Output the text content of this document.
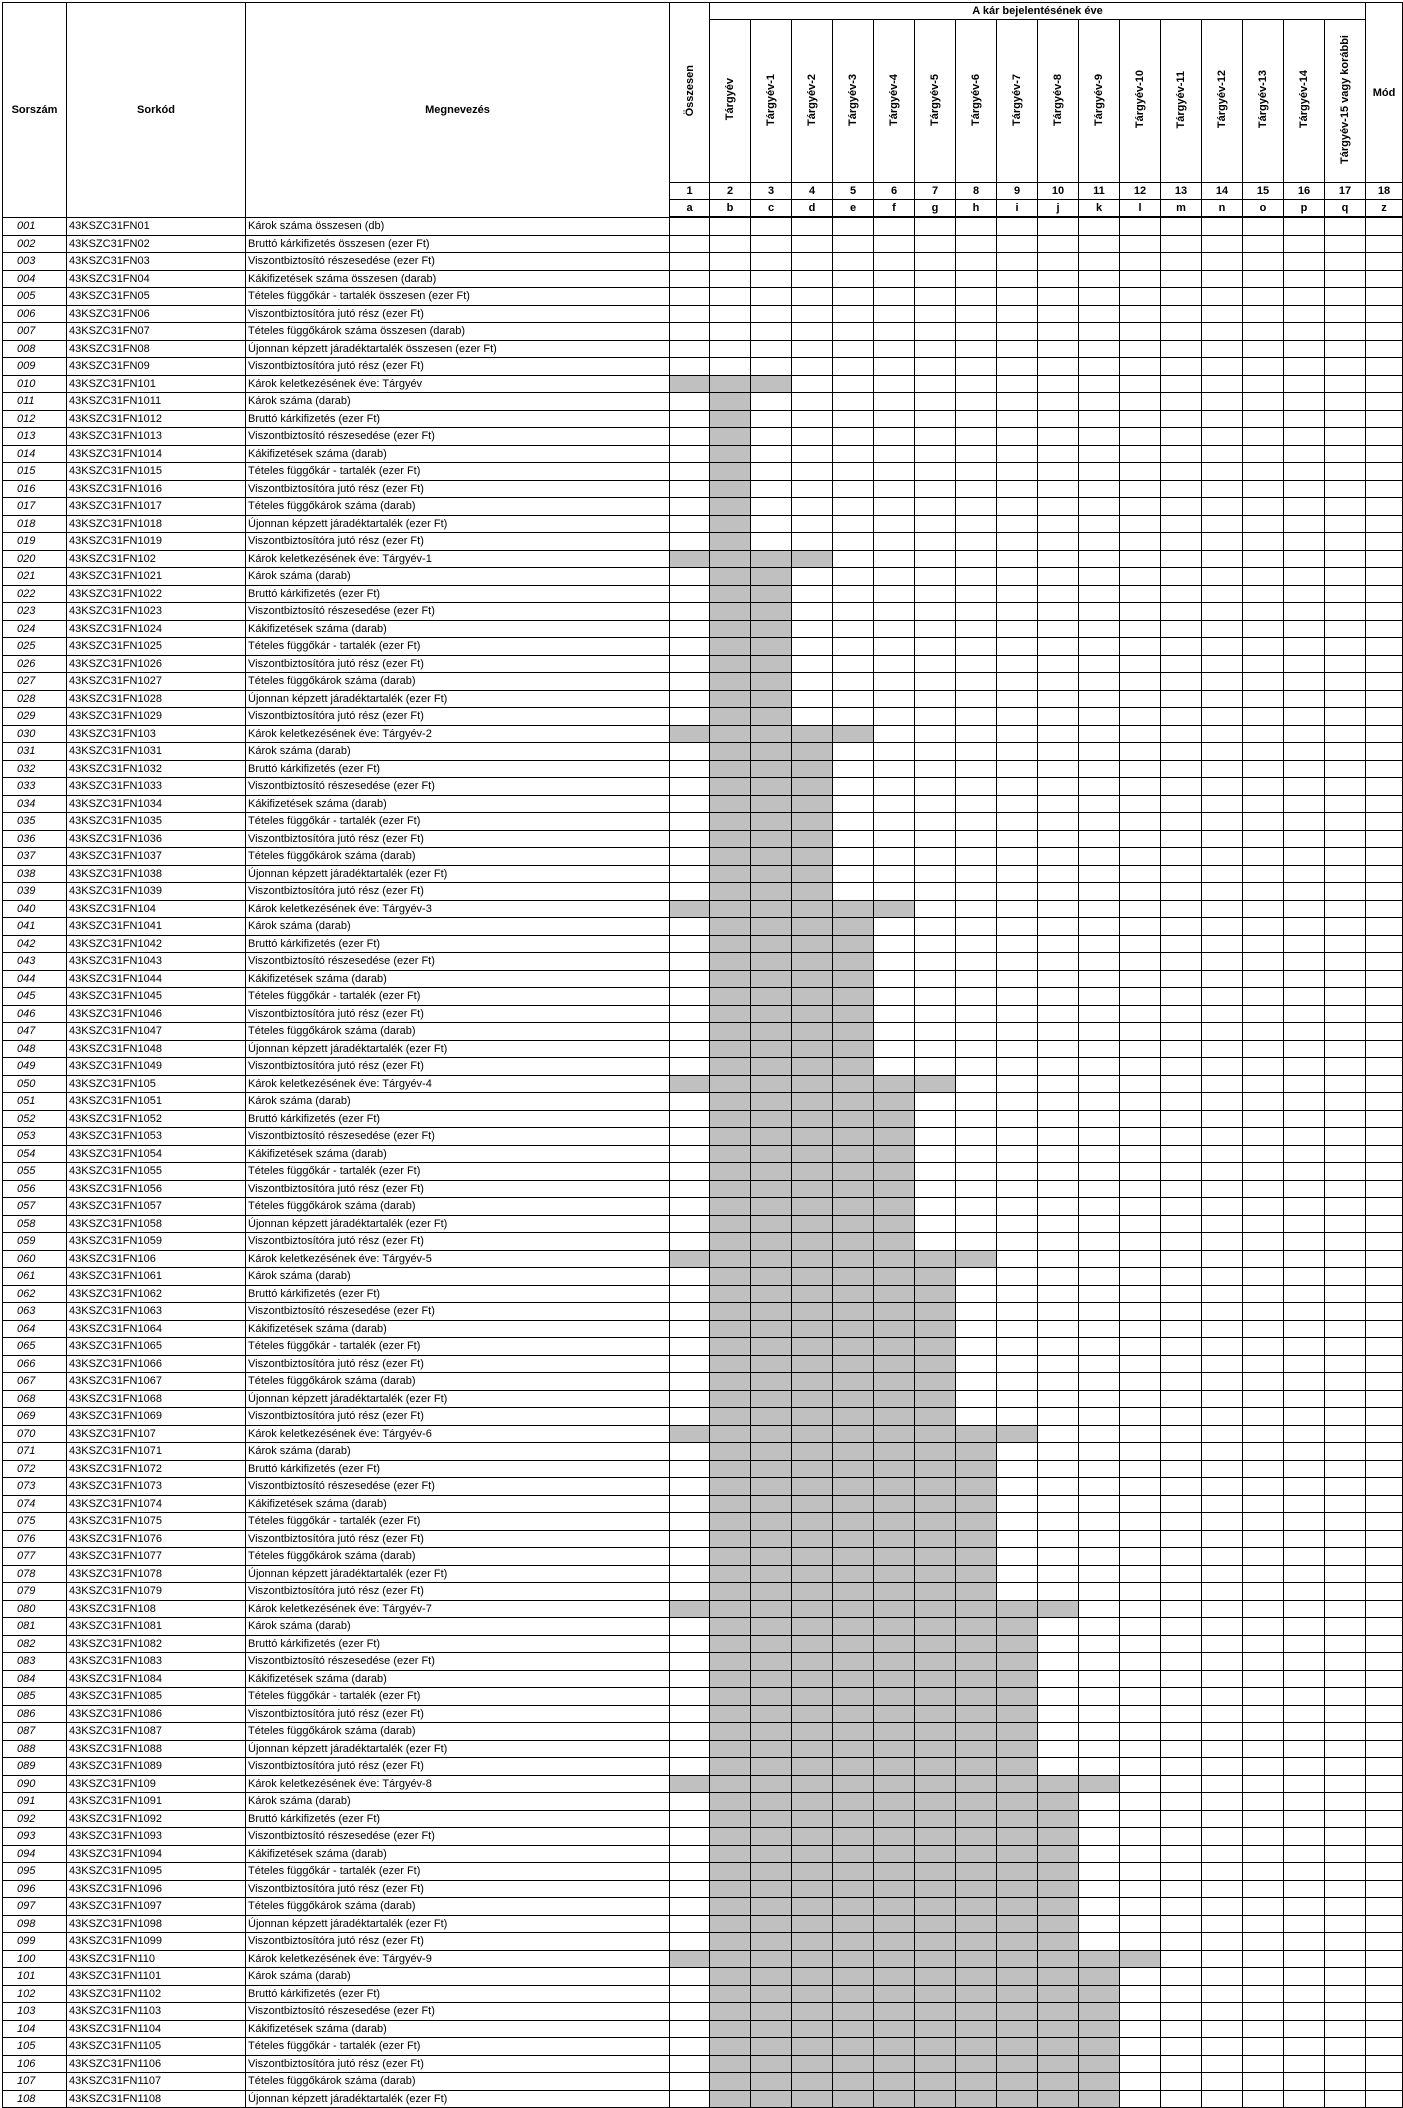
Sorszám	Sorkód	Megnevezés	Összesen	A kár bejelentésének éve																Mód
				Tárgyév	Tárgyév-1	Tárgyév-2	Tárgyév-3	Tárgyév-4	Tárgyév-5	Tárgyév-6	Tárgyév-7	Tárgyév-8	Tárgyév-9	Tárgyév-10	Tárgyév-11	Tárgyév-12	Tárgyév-13	Tárgyév-14	Tárgyév-15 vagy korábbi	
			1	2	3	4	5	6	7	8	9	10	11	12	13	14	15	16	17	18
			a	b	c	d	e	f	g	h	i	j	k	l	m	n	o	p	q	z
001	43KSZC31FN01	Károk száma összesen (db)																		
002	43KSZC31FN02	Bruttó kárkifizetés összesen (ezer Ft)																		
003	43KSZC31FN03	Viszontbiztosító részesedése (ezer Ft)																		
004	43KSZC31FN04	Kákifizetések száma összesen (darab)																		
005	43KSZC31FN05	Tételes függőkár - tartalék összesen (ezer Ft)																		
006	43KSZC31FN06	Viszontbiztosítóra jutó rész (ezer Ft)																		
007	43KSZC31FN07	Tételes függőkárok száma összesen (darab)																		
008	43KSZC31FN08	Újonnan képzett járadéktartalék összesen (ezer Ft)																		
009	43KSZC31FN09	Viszontbiztosítóra jutó rész (ezer Ft)																		
010	43KSZC31FN101	Károk keletkezésének éve: Tárgyév																		
011	43KSZC31FN1011	Károk száma (darab)																		
012	43KSZC31FN1012	Bruttó kárkifizetés (ezer Ft)																		
013	43KSZC31FN1013	Viszontbiztosító részesedése (ezer Ft)																		
014	43KSZC31FN1014	Kákifizetések száma (darab)																		
015	43KSZC31FN1015	Tételes függőkár - tartalék (ezer Ft)																		
016	43KSZC31FN1016	Viszontbiztosítóra jutó rész (ezer Ft)																		
017	43KSZC31FN1017	Tételes függőkárok száma (darab)																		
018	43KSZC31FN1018	Újonnan képzett járadéktartalék (ezer Ft)																		
019	43KSZC31FN1019	Viszontbiztosítóra jutó rész (ezer Ft)																		
020	43KSZC31FN102	Károk keletkezésének éve: Tárgyév-1																		
021	43KSZC31FN1021	Károk száma (darab)																		
022	43KSZC31FN1022	Bruttó kárkifizetés (ezer Ft)																		
023	43KSZC31FN1023	Viszontbiztosító részesedése (ezer Ft)																		
024	43KSZC31FN1024	Kákifizetések száma (darab)																		
025	43KSZC31FN1025	Tételes függőkár - tartalék (ezer Ft)																		
026	43KSZC31FN1026	Viszontbiztosítóra jutó rész (ezer Ft)																		
027	43KSZC31FN1027	Tételes függőkárok száma (darab)																		
028	43KSZC31FN1028	Újonnan képzett járadéktartalék (ezer Ft)																		
029	43KSZC31FN1029	Viszontbiztosítóra jutó rész (ezer Ft)																		
030	43KSZC31FN103	Károk keletkezésének éve: Tárgyév-2																		
031	43KSZC31FN1031	Károk száma (darab)																		
032	43KSZC31FN1032	Bruttó kárkifizetés (ezer Ft)																		
033	43KSZC31FN1033	Viszontbiztosító részesedése (ezer Ft)																		
034	43KSZC31FN1034	Kákifizetések száma (darab)																		
035	43KSZC31FN1035	Tételes függőkár - tartalék (ezer Ft)																		
036	43KSZC31FN1036	Viszontbiztosítóra jutó rész (ezer Ft)																		
037	43KSZC31FN1037	Tételes függőkárok száma (darab)																		
038	43KSZC31FN1038	Újonnan képzett járadéktartalék (ezer Ft)																		
039	43KSZC31FN1039	Viszontbiztosítóra jutó rész (ezer Ft)																		
040	43KSZC31FN104	Károk keletkezésének éve: Tárgyév-3																		
041	43KSZC31FN1041	Károk száma (darab)																		
042	43KSZC31FN1042	Bruttó kárkifizetés (ezer Ft)																		
043	43KSZC31FN1043	Viszontbiztosító részesedése (ezer Ft)																		
044	43KSZC31FN1044	Kákifizetések száma (darab)																		
045	43KSZC31FN1045	Tételes függőkár - tartalék (ezer Ft)																		
046	43KSZC31FN1046	Viszontbiztosítóra jutó rész (ezer Ft)																		
047	43KSZC31FN1047	Tételes függőkárok száma (darab)																		
048	43KSZC31FN1048	Újonnan képzett járadéktartalék (ezer Ft)																		
049	43KSZC31FN1049	Viszontbiztosítóra jutó rész (ezer Ft)																		
050	43KSZC31FN105	Károk keletkezésének éve: Tárgyév-4																		
051	43KSZC31FN1051	Károk száma (darab)																		
052	43KSZC31FN1052	Bruttó kárkifizetés (ezer Ft)																		
053	43KSZC31FN1053	Viszontbiztosító részesedése (ezer Ft)																		
054	43KSZC31FN1054	Kákifizetések száma (darab)																		
055	43KSZC31FN1055	Tételes függőkár - tartalék (ezer Ft)																		
056	43KSZC31FN1056	Viszontbiztosítóra jutó rész (ezer Ft)																		
057	43KSZC31FN1057	Tételes függőkárok száma (darab)																		
058	43KSZC31FN1058	Újonnan képzett járadéktartalék (ezer Ft)																		
059	43KSZC31FN1059	Viszontbiztosítóra jutó rész (ezer Ft)																		
060	43KSZC31FN106	Károk keletkezésének éve: Tárgyév-5																		
061	43KSZC31FN1061	Károk száma (darab)																		
062	43KSZC31FN1062	Bruttó kárkifizetés (ezer Ft)																		
063	43KSZC31FN1063	Viszontbiztosító részesedése (ezer Ft)																		
064	43KSZC31FN1064	Kákifizetések száma (darab)																		
065	43KSZC31FN1065	Tételes függőkár - tartalék (ezer Ft)																		
066	43KSZC31FN1066	Viszontbiztosítóra jutó rész (ezer Ft)																		
067	43KSZC31FN1067	Tételes függőkárok száma (darab)																		
068	43KSZC31FN1068	Újonnan képzett járadéktartalék (ezer Ft)																		
069	43KSZC31FN1069	Viszontbiztosítóra jutó rész (ezer Ft)																		
070	43KSZC31FN107	Károk keletkezésének éve: Tárgyév-6																		
071	43KSZC31FN1071	Károk száma (darab)																		
072	43KSZC31FN1072	Bruttó kárkifizetés (ezer Ft)																		
073	43KSZC31FN1073	Viszontbiztosító részesedése (ezer Ft)																		
074	43KSZC31FN1074	Kákifizetések száma (darab)																		
075	43KSZC31FN1075	Tételes függőkár - tartalék (ezer Ft)																		
076	43KSZC31FN1076	Viszontbiztosítóra jutó rész (ezer Ft)																		
077	43KSZC31FN1077	Tételes függőkárok száma (darab)																		
078	43KSZC31FN1078	Újonnan képzett járadéktartalék (ezer Ft)																		
079	43KSZC31FN1079	Viszontbiztosítóra jutó rész (ezer Ft)																		
080	43KSZC31FN108	Károk keletkezésének éve: Tárgyév-7																		
081	43KSZC31FN1081	Károk száma (darab)																		
082	43KSZC31FN1082	Bruttó kárkifizetés (ezer Ft)																		
083	43KSZC31FN1083	Viszontbiztosító részesedése (ezer Ft)																		
084	43KSZC31FN1084	Kákifizetések száma (darab)																		
085	43KSZC31FN1085	Tételes függőkár - tartalék (ezer Ft)																		
086	43KSZC31FN1086	Viszontbiztosítóra jutó rész (ezer Ft)																		
087	43KSZC31FN1087	Tételes függőkárok száma (darab)																		
088	43KSZC31FN1088	Újonnan képzett járadéktartalék (ezer Ft)																		
089	43KSZC31FN1089	Viszontbiztosítóra jutó rész (ezer Ft)																		
090	43KSZC31FN109	Károk keletkezésének éve: Tárgyév-8																		
091	43KSZC31FN1091	Károk száma (darab)																		
092	43KSZC31FN1092	Bruttó kárkifizetés (ezer Ft)																		
093	43KSZC31FN1093	Viszontbiztosító részesedése (ezer Ft)																		
094	43KSZC31FN1094	Kákifizetések száma (darab)																		
095	43KSZC31FN1095	Tételes függőkár - tartalék (ezer Ft)																		
096	43KSZC31FN1096	Viszontbiztosítóra jutó rész (ezer Ft)																		
097	43KSZC31FN1097	Tételes függőkárok száma (darab)																		
098	43KSZC31FN1098	Újonnan képzett járadéktartalék (ezer Ft)																		
099	43KSZC31FN1099	Viszontbiztosítóra jutó rész (ezer Ft)																		
100	43KSZC31FN110	Károk keletkezésének éve: Tárgyév-9																		
101	43KSZC31FN1101	Károk száma (darab)																		
102	43KSZC31FN1102	Bruttó kárkifizetés (ezer Ft)																		
103	43KSZC31FN1103	Viszontbiztosító részesedése (ezer Ft)																		
104	43KSZC31FN1104	Kákifizetések száma (darab)																		
105	43KSZC31FN1105	Tételes függőkár - tartalék (ezer Ft)																		
106	43KSZC31FN1106	Viszontbiztosítóra jutó rész (ezer Ft)																		
107	43KSZC31FN1107	Tételes függőkárok száma (darab)																		
108	43KSZC31FN1108	Újonnan képzett járadéktartalék (ezer Ft)																		
